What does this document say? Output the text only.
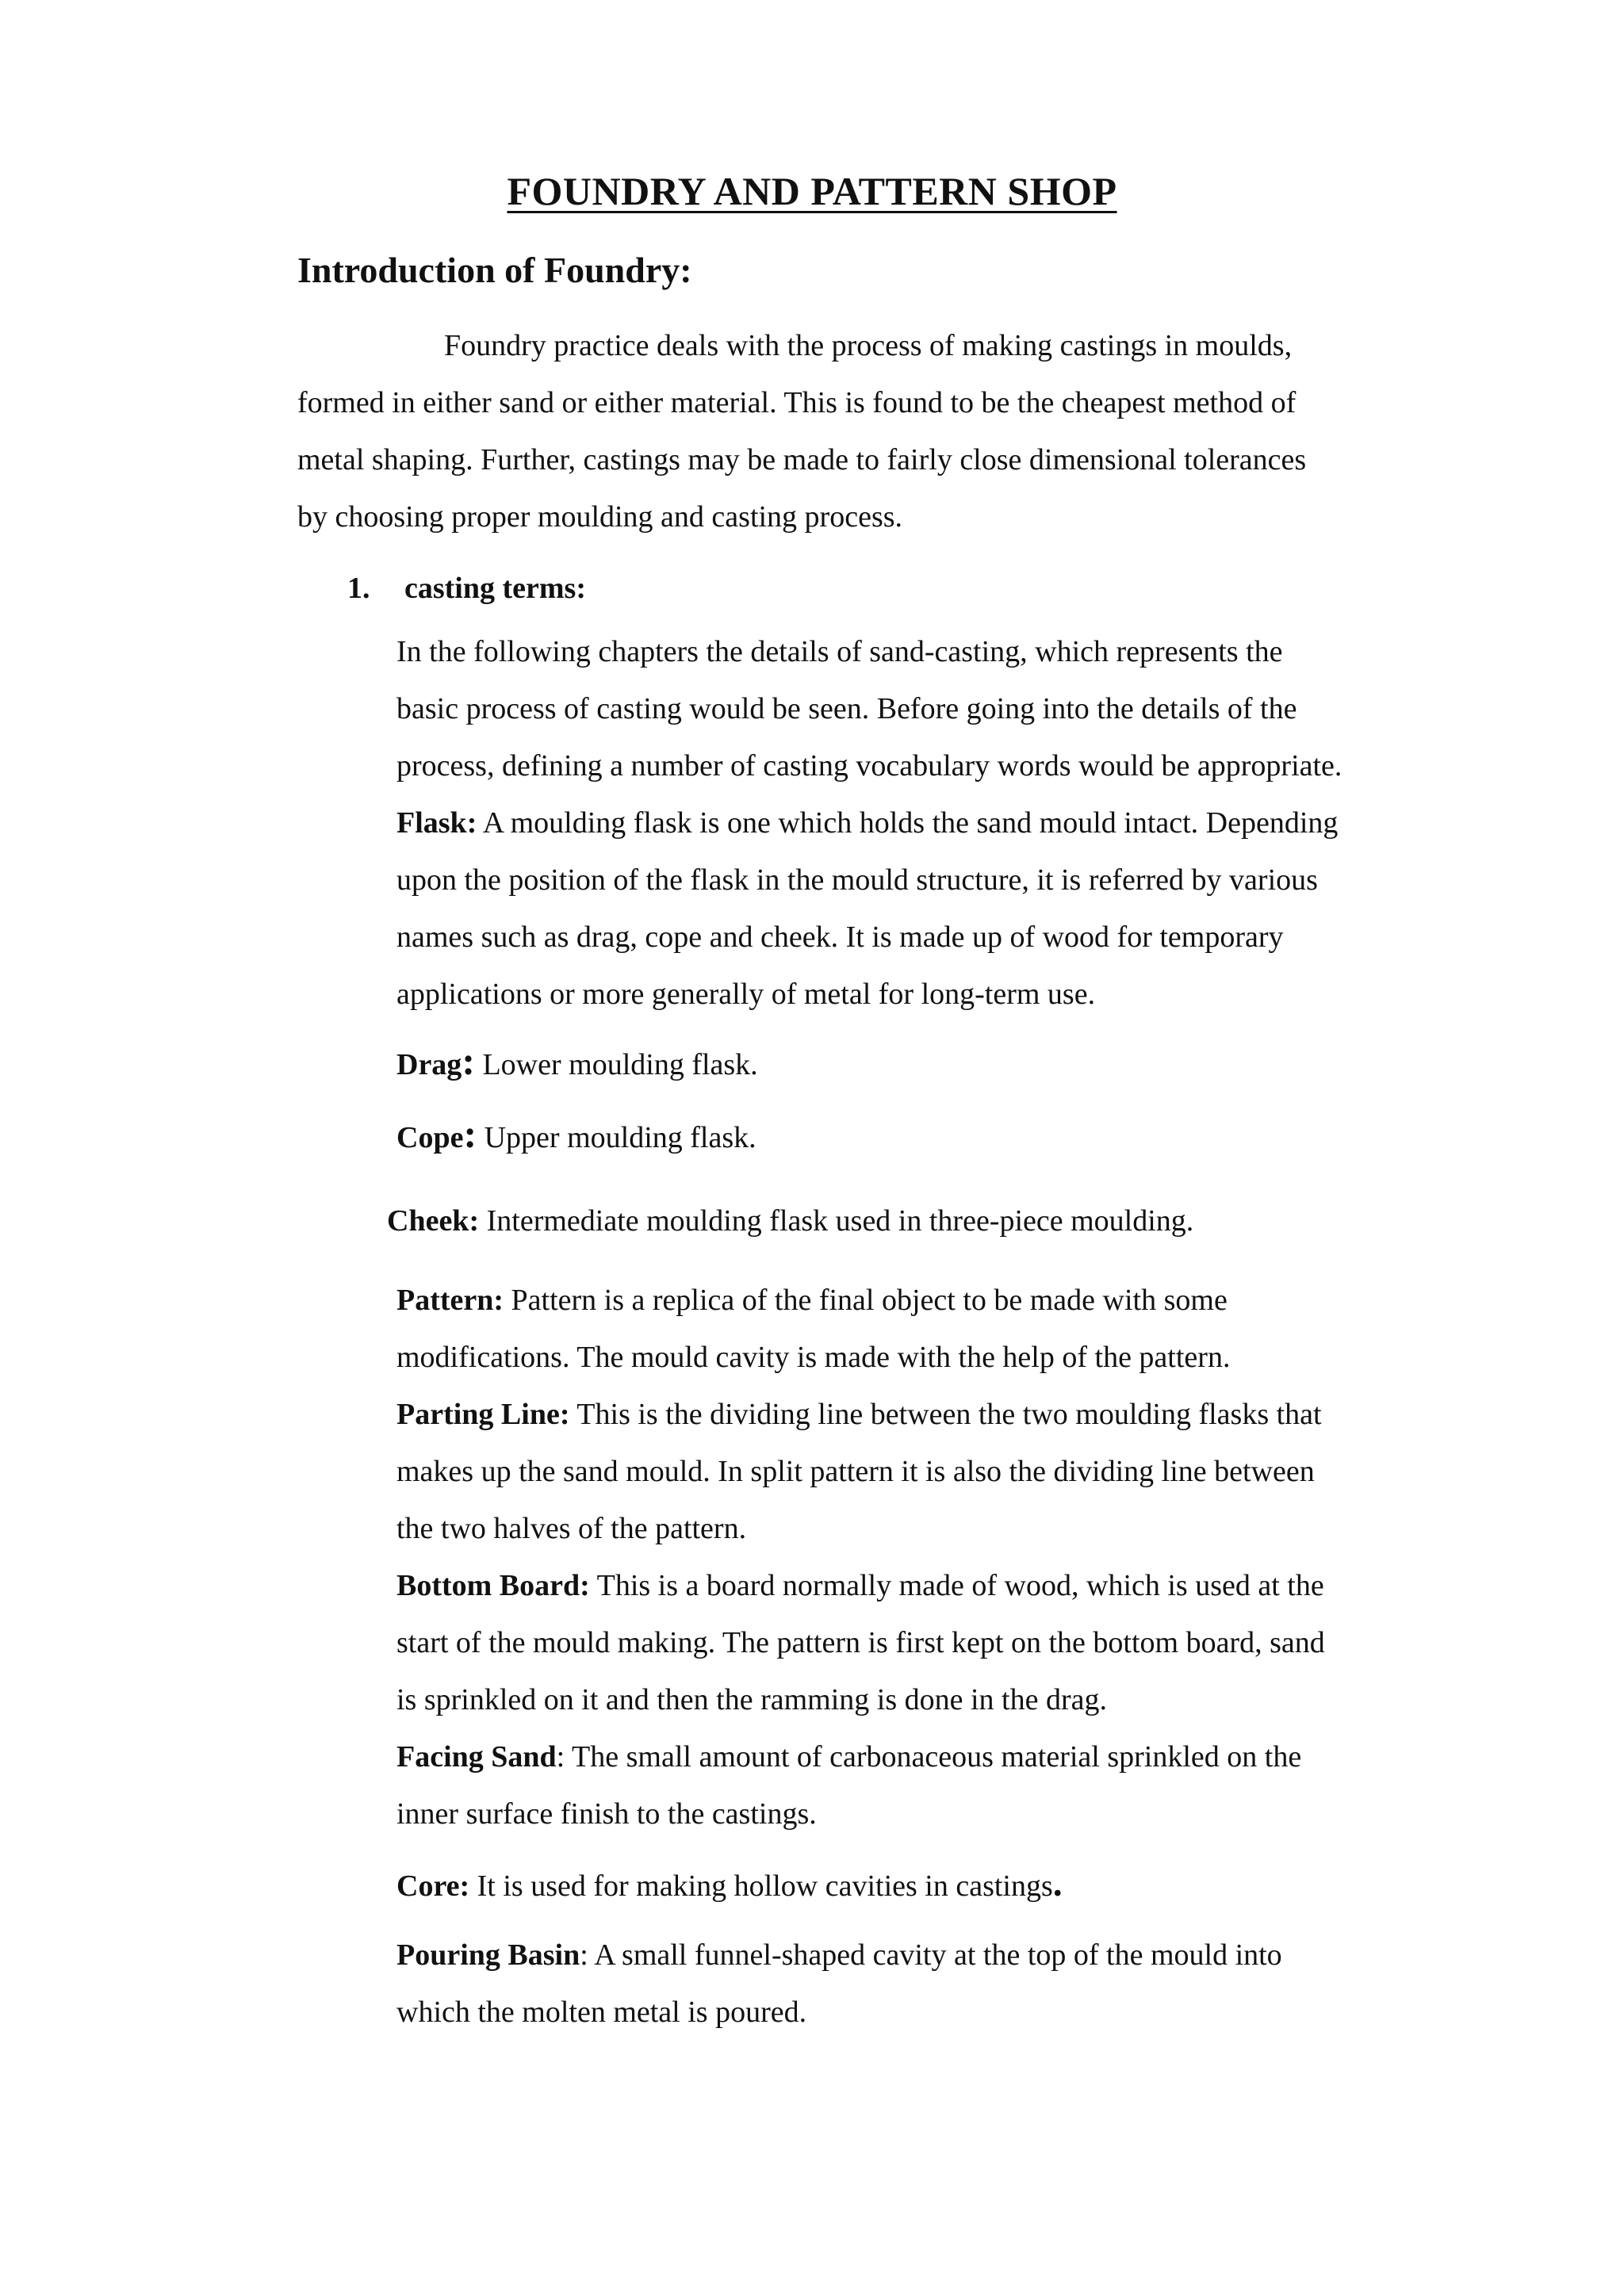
FOUNDRY AND PATTERN SHOP
Introduction of Foundry:
Foundry practice deals with the process of making castings in moulds,
formed in either sand or either material. This is found to be the cheapest method of
metal shaping. Further, castings may be made to fairly close dimensional tolerances
by choosing proper moulding and casting process.
1. casting terms:
In the following chapters the details of sand-casting, which represents the
basic process of casting would be seen. Before going into the details of the
process, defining a number of casting vocabulary words would be appropriate.
Flask: A moulding flask is one which holds the sand mould intact. Depending
upon the position of the flask in the mould structure, it is referred by various
names such as drag, cope and cheek. It is made up of wood for temporary
applications or more generally of metal for long-term use.
Drag: Lower moulding flask.
Cope: Upper moulding flask.
Cheek: Intermediate moulding flask used in three-piece moulding.
Pattern: Pattern is a replica of the final object to be made with some
modifications. The mould cavity is made with the help of the pattern.
Parting Line: This is the dividing line between the two moulding flasks that
makes up the sand mould. In split pattern it is also the dividing line between
the two halves of the pattern.
Bottom Board: This is a board normally made of wood, which is used at the
start of the mould making. The pattern is first kept on the bottom board, sand
is sprinkled on it and then the ramming is done in the drag.
Facing Sand: The small amount of carbonaceous material sprinkled on the
inner surface finish to the castings.
Core: It is used for making hollow cavities in castings.
Pouring Basin: A small funnel-shaped cavity at the top of the mould into
which the molten metal is poured.
